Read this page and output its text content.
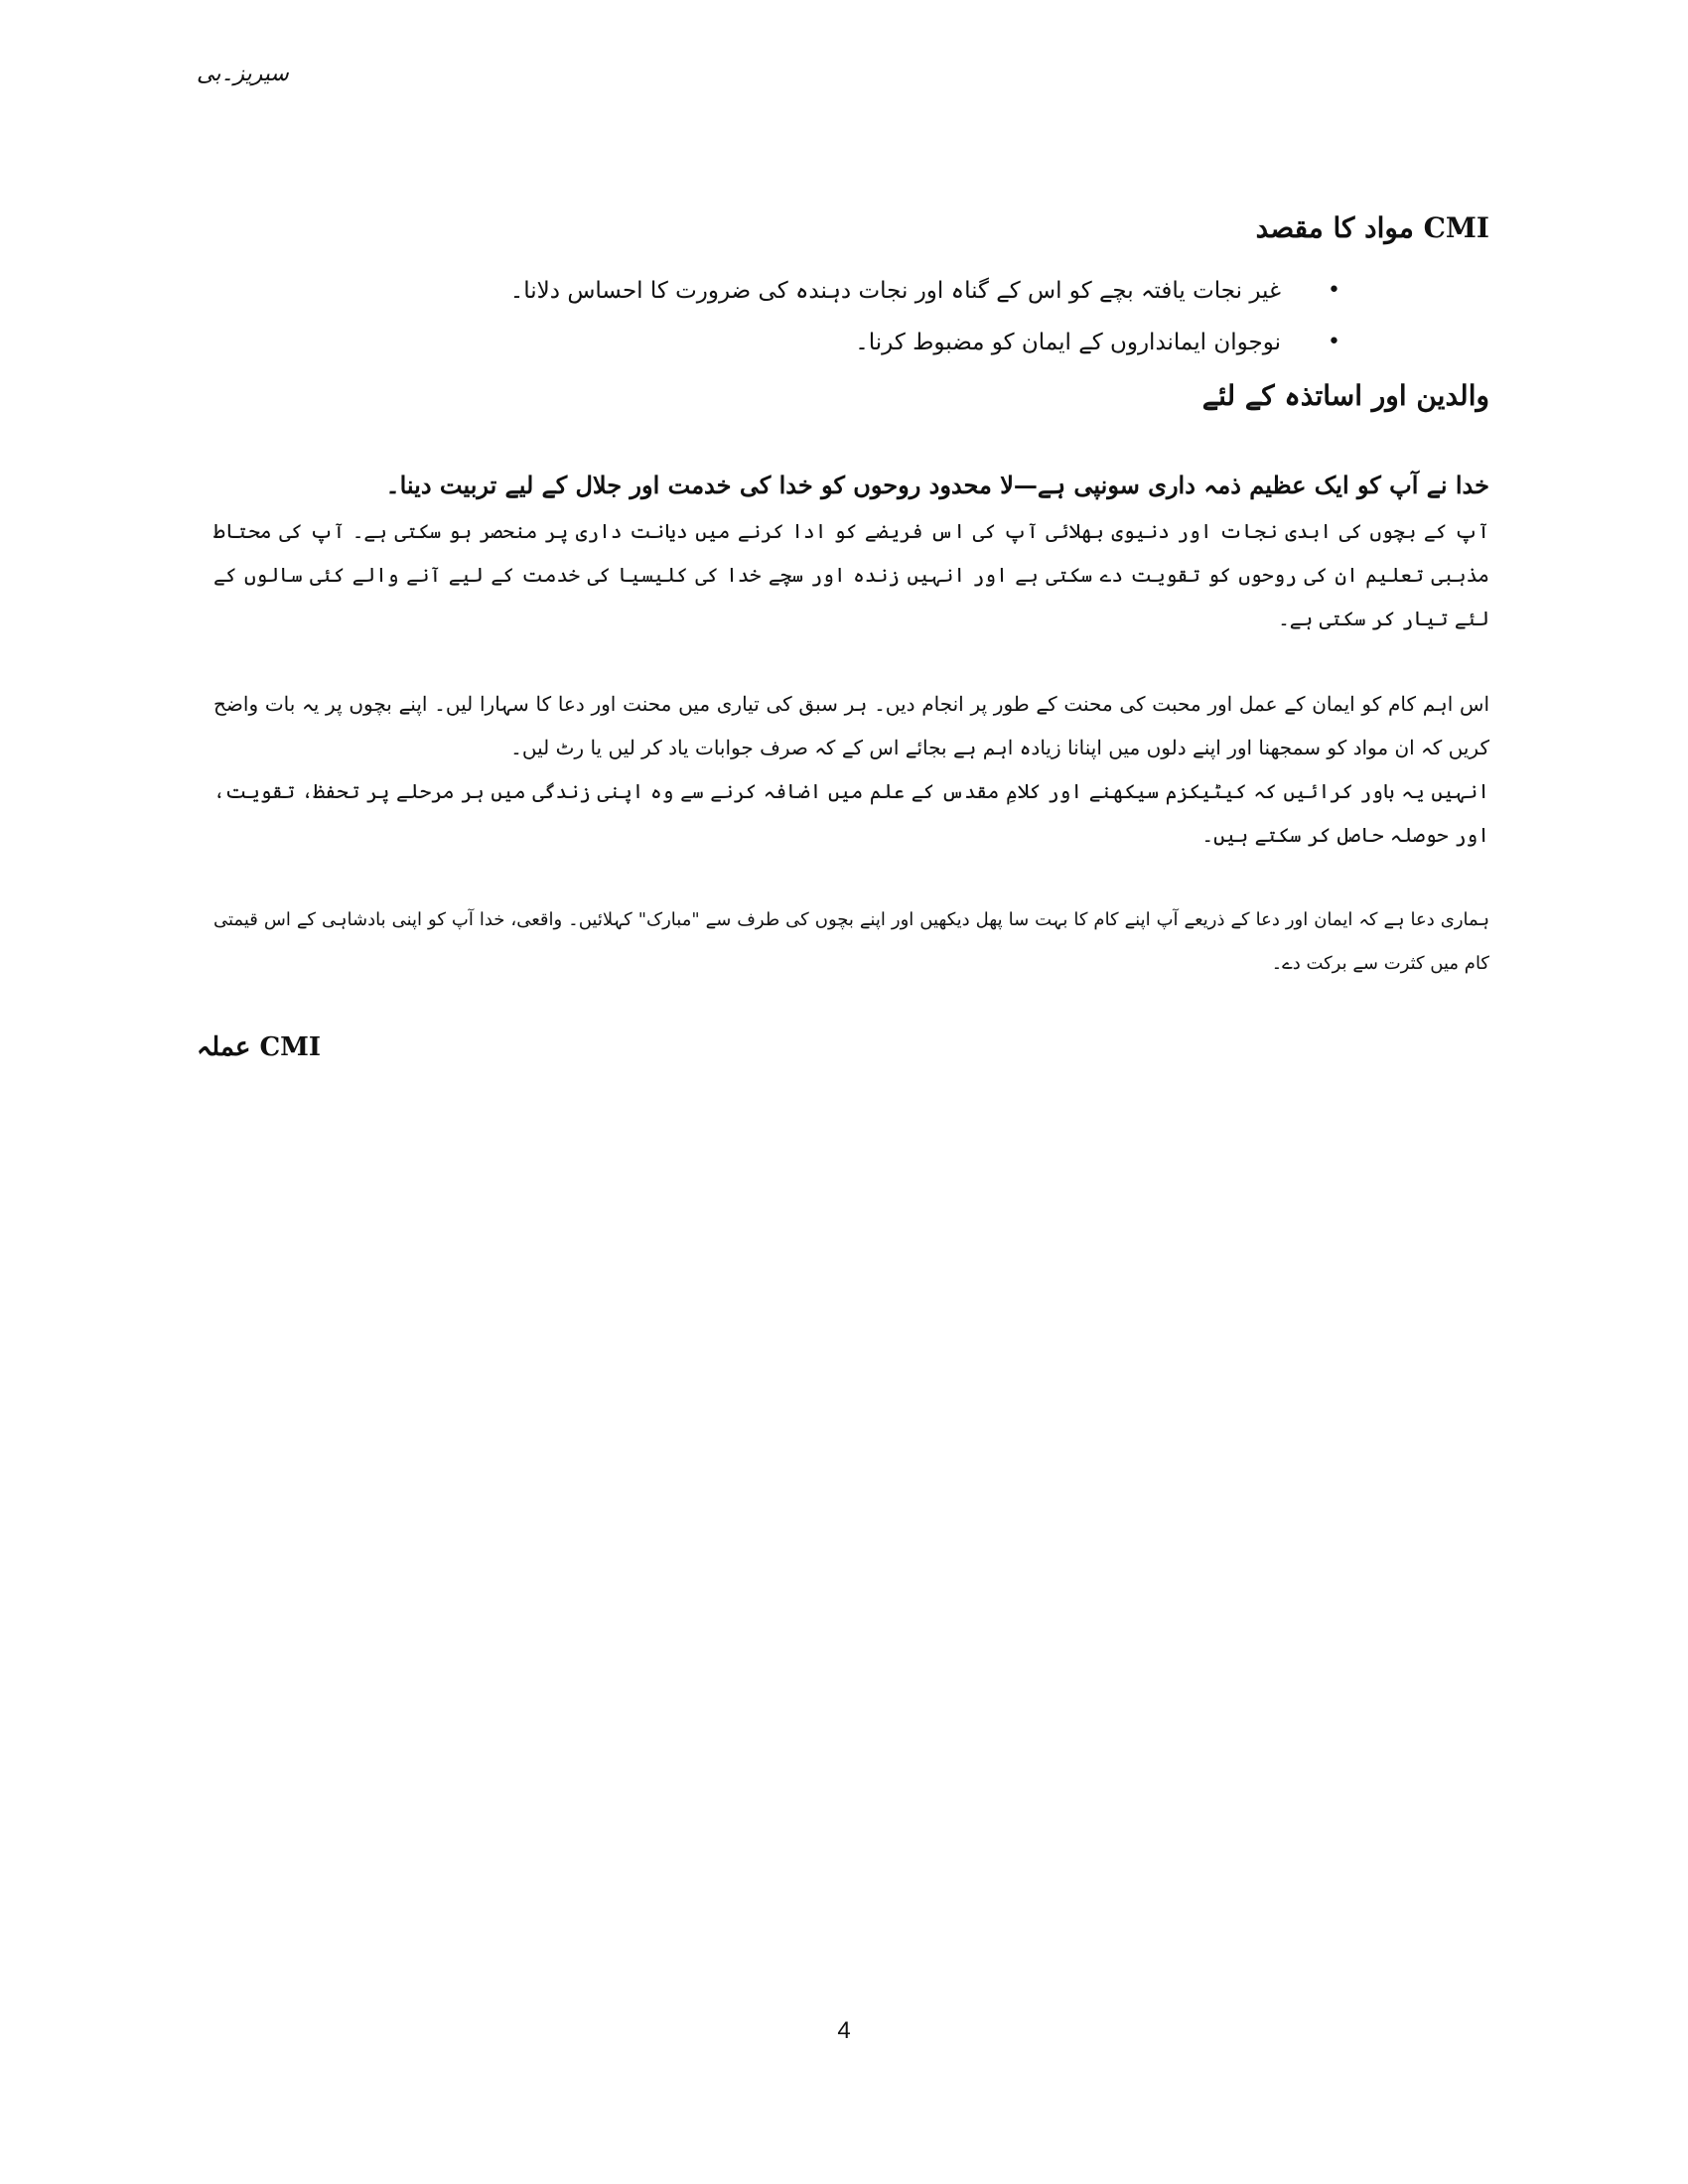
سیریز۔بی
CMI مواد کا مقصد
• غیر نجات یافتہ بچے کو اس کے گناہ اور نجات دہندہ کی ضرورت کا احساس دلانا۔
• نوجوان ایمانداروں کے ایمان کو مضبوط کرنا۔
والدین اور اساتذہ کے لئے
خدا نے آپ کو ایک عظیم ذمہ داری سونپی ہے—لا محدود روحوں کو خدا کی خدمت اور جلال کے لیے تربیت دینا۔

آپ کے بچوں کی ابدی نجات اور دنیوی بھلائی آپ کی اس فریضے کو ادا کرنے میں دیانت داری پر منحصر ہو سکتی ہے۔ آپ کی محتاط مذہبی تعلیم ان کی روحوں کو تقویت دے سکتی ہے اور انہیں زندہ اور سچے خدا کی کلیسیا کی خدمت کے لیے آنے والے کئی سالوں کے لئے تیار کر سکتی ہے۔

اس اہم کام کو ایمان کے عمل اور محبت کی محنت کے طور پر انجام دیں۔ ہر سبق کی تیاری میں محنت اور دعا کا سہارا لیں۔ اپنے بچوں پر یہ بات واضح کریں کہ ان مواد کو سمجھنا اور اپنے دلوں میں اپنانا زیادہ اہم ہے بجائے اس کے کہ صرف جوابات یاد کر لیں یا رٹ لیں۔

انہیں یہ باور کرائیں کہ کیٹیکزم سیکھنے اور کلامِ مقدس کے علم میں اضافہ کرنے سے وہ اپنی زندگی میں ہر مرحلے پر تحفظ، تقویت، اور حوصلہ حاصل کر سکتے ہیں۔

ہماری دعا ہے کہ ایمان اور دعا کے ذریعے آپ اپنے کام کا بہت سا پھل دیکھیں اور اپنے بچوں کی طرف سے "مبارک" کہلائیں۔ واقعی، خدا آپ کو اپنی بادشاہی کے اس قیمتی کام میں کثرت سے برکت دے۔

CMI عملہ
4
